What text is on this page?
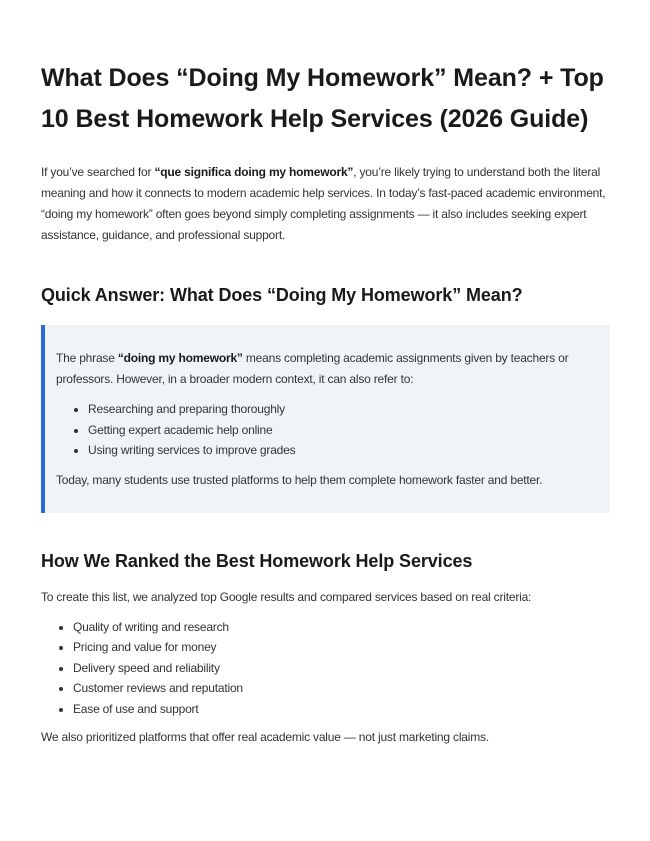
What Does “Doing My Homework” Mean? + Top 10 Best Homework Help Services (2026 Guide)

If you’ve searched for “que significa doing my homework”, you’re likely trying to understand both the literal meaning and how it connects to modern academic help services. In today’s fast-paced academic environment, “doing my homework” often goes beyond simply completing assignments — it also includes seeking expert assistance, guidance, and professional support.

Quick Answer: What Does “Doing My Homework” Mean?

The phrase “doing my homework” means completing academic assignments given by teachers or professors. However, in a broader modern context, it can also refer to:

• Researching and preparing thoroughly
• Getting expert academic help online
• Using writing services to improve grades

Today, many students use trusted platforms to help them complete homework faster and better.

How We Ranked the Best Homework Help Services

To create this list, we analyzed top Google results and compared services based on real criteria:

• Quality of writing and research
• Pricing and value for money
• Delivery speed and reliability
• Customer reviews and reputation
• Ease of use and support

We also prioritized platforms that offer real academic value — not just marketing claims.
